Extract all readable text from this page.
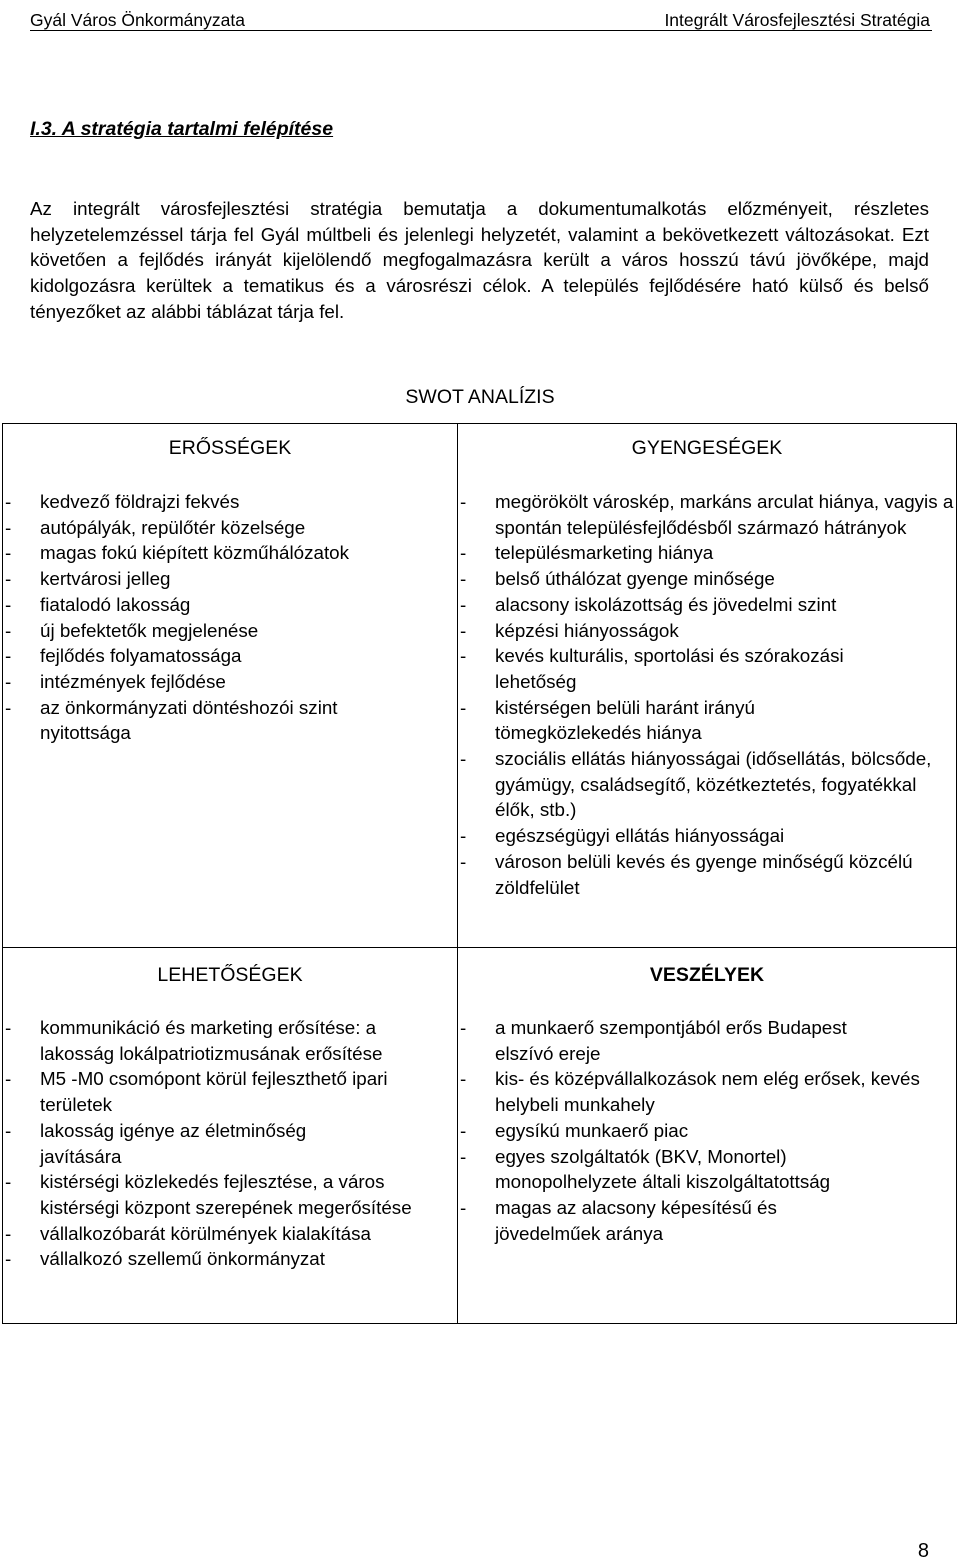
Gyál Város Önkormányzata	Integrált Városfejlesztési Stratégia
I.3. A stratégia tartalmi felépítése
Az integrált városfejlesztési stratégia bemutatja a dokumentumalkotás előzményeit, részletes helyzetelemzéssel tárja fel Gyál múltbeli és jelenlegi helyzetét, valamint a bekövetkezett változásokat. Ezt követően a fejlődés irányát kijelölendő megfogalmazásra került a város hosszú távú jövőképe, majd kidolgozásra kerültek a tematikus és a városrészi célok. A település fejlődésére ható külső és belső tényezőket az alábbi táblázat tárja fel.
SWOT ANALÍZIS
ERŐSSÉGEK
- kedvező földrajzi fekvés
- autópályák, repülőtér közelsége
- magas fokú kiépített közműhálózatok
- kertvárosi jelleg
- fiatalodó lakosság
- új befektetők megjelenése
- fejlődés folyamatossága
- intézmények fejlődése
- az önkormányzati döntéshozói szint nyitottsága
GYENGESÉGEK
- megörökölt városkép, markáns arculat hiánya, vagyis a spontán településfejlődésből származó hátrányok
- településmarketing hiánya
- belső úthálózat gyenge minősége
- alacsony iskolázottság és jövedelmi szint
- képzési hiányosságok
- kevés kulturális, sportolási és szórakozási lehetőség
- kistérségen belüli haránt irányú tömegközlekedés hiánya
- szociális ellátás hiányosságai (idősellátás, bölcsőde, gyámügy, családsegítő, közétkeztetés, fogyatékkal élők, stb.)
- egészségügyi ellátás hiányosságai
- városon belüli kevés és gyenge minőségű közcélú zöldfelület
LEHETŐSÉGEK
- kommunikáció és marketing erősítése: a lakosság lokálpatriotizmusának erősítése
- M5 -M0 csomópont körül fejleszthető ipari területek
- lakosság igénye az életminőség javítására
- kistérségi közlekedés fejlesztése, a város kistérségi központ szerepének megerősítése
- vállalkozóbarát körülmények kialakítása
- vállalkozó szellemű önkormányzat
VESZÉLYEK
- a munkaerő szempontjából erős Budapest elszívó ereje
- kis- és középvállalkozások nem elég erősek, kevés helybeli munkahely
- egysíkú munkaerő piac
- egyes szolgáltatók (BKV, Monortel) monopolhelyzete általi kiszolgáltatottság
- magas az alacsony képesítésű és jövedelműek aránya
8
